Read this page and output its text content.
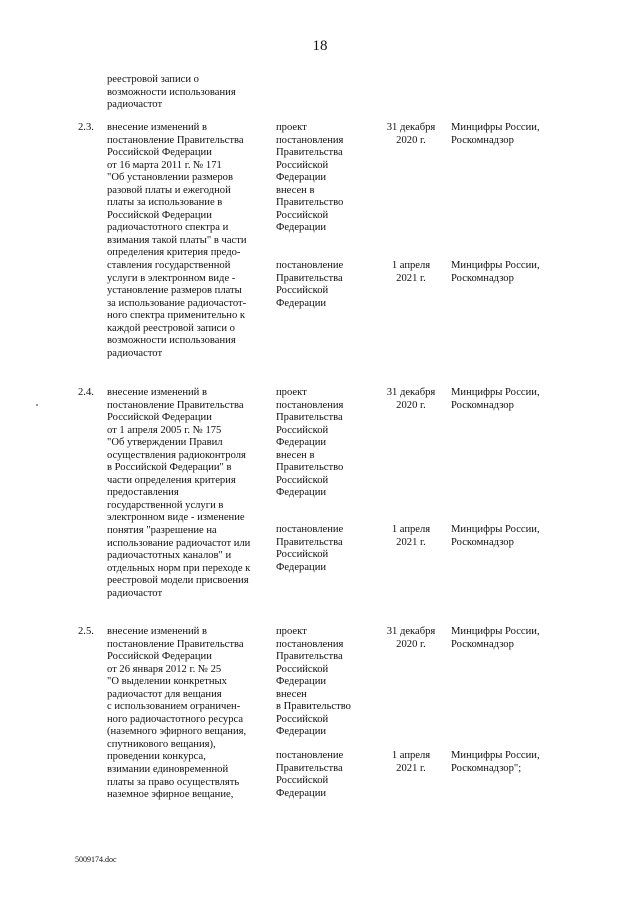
18
реестровой записи о
возможности использования
радиочастот
2.3. внесение изменений в
постановление Правительства
Российской Федерации
от 16 марта 2011 г. № 171
"Об установлении размеров
разовой платы и ежегодной
платы за использование в
Российской Федерации
радиочастотного спектра и
взимания такой платы" в части
определения критерия предо-
ставления государственной
услуги в электронном виде -
установление размеров платы
за использование радиочастот-
ного спектра применительно к
каждой реестровой записи о
возможности использования
радиочастот
проект
постановления
Правительства
Российской
Федерации
внесен в
Правительство
Российской
Федерации
31 декабря
2020 г.
Минцифры России,
Роскомнадзор
постановление
Правительства
Российской
Федерации
1 апреля
2021 г.
Минцифры России,
Роскомнадзор
2.4. внесение изменений в
постановление Правительства
Российской Федерации
от 1 апреля 2005 г. № 175
"Об утверждении Правил
осуществления радиоконтроля
в Российской Федерации" в
части определения критерия
предоставления
государственной услуги в
электронном виде - изменение
понятия "разрешение на
использование радиочастот или
радиочастотных каналов" и
отдельных норм при переходе к
реестровой модели присвоения
радиочастот
проект
постановления
Правительства
Российской
Федерации
внесен в
Правительство
Российской
Федерации
31 декабря
2020 г.
Минцифры России,
Роскомнадзор
постановление
Правительства
Российской
Федерации
1 апреля
2021 г.
Минцифры России,
Роскомнадзор
2.5. внесение изменений в
постановление Правительства
Российской Федерации
от 26 января 2012 г. № 25
"О выделении конкретных
радиочастот для вещания
с использованием ограничен-
ного радиочастотного ресурса
(наземного эфирного вещания,
спутникового вещания),
проведении конкурса,
взимании единовременной
платы за право осуществлять
наземное эфирное вещание,
проект
постановления
Правительства
Российской
Федерации
внесен
в Правительство
Российской
Федерации
31 декабря
2020 г.
Минцифры России,
Роскомнадзор
постановление
Правительства
Российской
Федерации
1 апреля
2021 г.
Минцифры России,
Роскомнадзор";
5009174.doc
